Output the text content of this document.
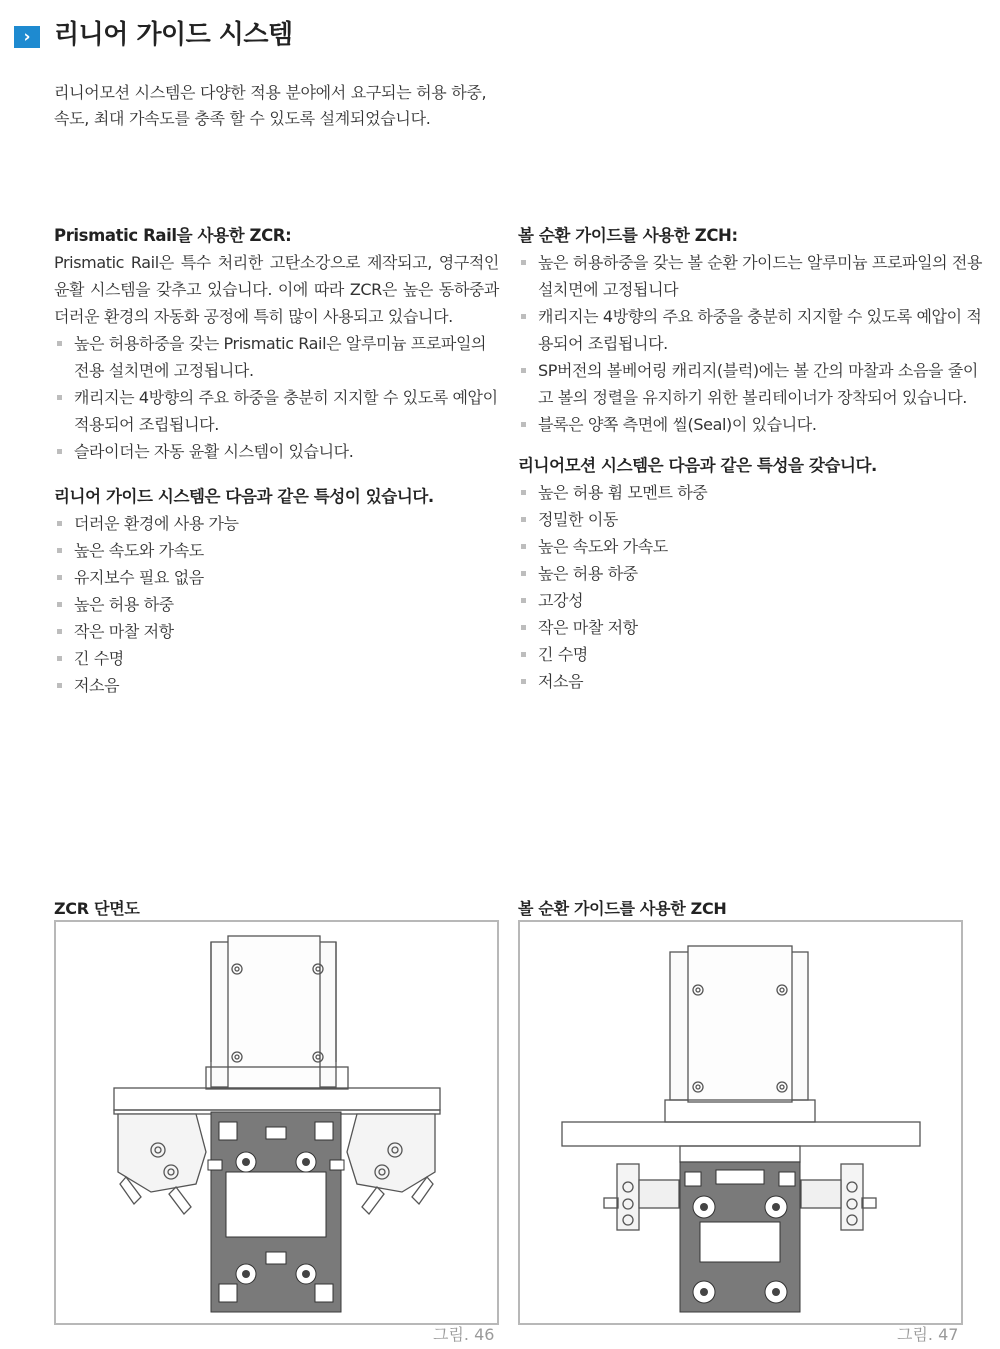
› 리니어 가이드 시스템
리니어모션 시스템은 다양한 적용 분야에서 요구되는 허용 하중,
속도, 최대 가속도를 충족 할 수 있도록 설계되었습니다.
Prismatic Rail을 사용한 ZCR:
Prismatic Rail은 특수 처리한 고탄소강으로 제작되고, 영구적인 윤활 시스템을 갖추고 있습니다. 이에 따라 ZCR은 높은 동하중과 더러운 환경의 자동화 공정에 특히 많이 사용되고 있습니다.
높은 허용하중을 갖는 Prismatic Rail은 알루미늄 프로파일의 전용 설치면에 고정됩니다.
캐리지는 4방향의 주요 하중을 충분히 지지할 수 있도록 예압이 적용되어 조립됩니다.
슬라이더는 자동 윤활 시스템이 있습니다.
리니어 가이드 시스템은 다음과 같은 특성이 있습니다.
더러운 환경에 사용 가능
높은 속도와 가속도
유지보수 필요 없음
높은 허용 하중
작은 마찰 저항
긴 수명
저소음
볼 순환 가이드를 사용한 ZCH:
높은 허용하중을 갖는 볼 순환 가이드는 알루미늄 프로파일의 전용 설치면에 고정됩니다
캐리지는 4방향의 주요 하중을 충분히 지지할 수 있도록 예압이 적용되어 조립됩니다.
SP버전의 볼베어링 캐리지(블럭)에는 볼 간의 마찰과 소음을 줄이고 볼의 정렬을 유지하기 위한 볼리테이너가 장착되어 있습니다.
블록은 양쪽 측면에 씰(Seal)이 있습니다.
리니어모션 시스템은 다음과 같은 특성을 갖습니다.
높은 허용 휨 모멘트 하중
정밀한 이동
높은 속도와 가속도
높은 허용 하중
고강성
작은 마찰 저항
긴 수명
저소음
ZCR 단면도
그림. 46
볼 순환 가이드를 사용한 ZCH
그림. 47
